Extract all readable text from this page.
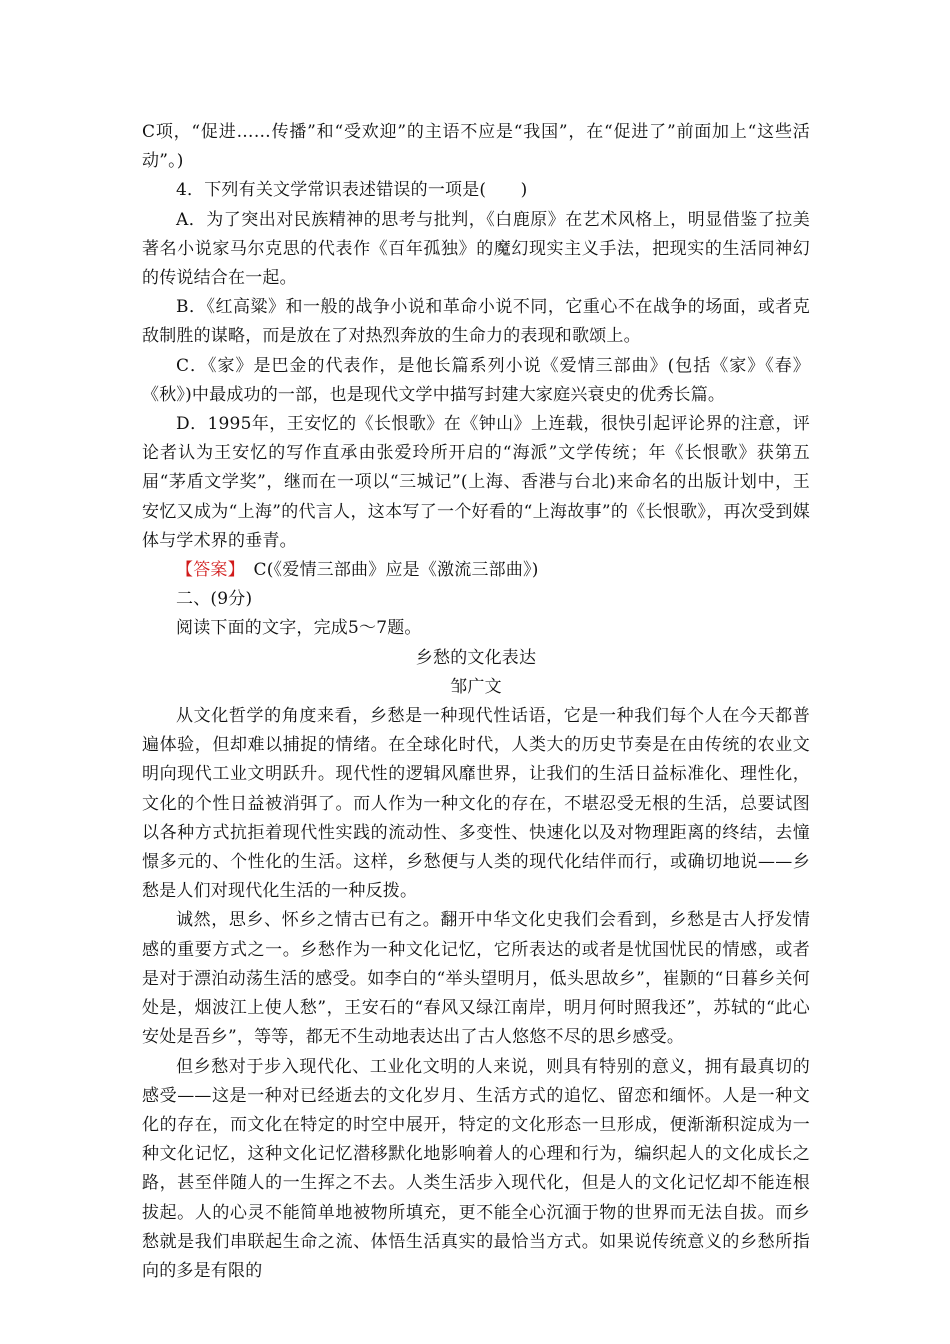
C项，“促进……传播”和“受欢迎”的主语不应是“我国”，在“促进了”前面加上“这些活动”。)

4．下列有关文学常识表述错误的一项是(　　)

A．为了突出对民族精神的思考与批判，《白鹿原》在艺术风格上，明显借鉴了拉美著名小说家马尔克思的代表作《百年孤独》的魔幻现实主义手法，把现实的生活同神幻的传说结合在一起。

B．《红高粱》和一般的战争小说和革命小说不同，它重心不在战争的场面，或者克敌制胜的谋略，而是放在了对热烈奔放的生命力的表现和歌颂上。

C．《家》是巴金的代表作，是他长篇系列小说《爱情三部曲》(包括《家》《春》《秋》)中最成功的一部，也是现代文学中描写封建大家庭兴衰史的优秀长篇。

D．1995年，王安忆的《长恨歌》在《钟山》上连载，很快引起评论界的注意，评论者认为王安忆的写作直承由张爱玲所开启的“海派”文学传统；年《长恨歌》获第五届“茅盾文学奖”，继而在一项以“三城记”(上海、香港与台北)来命名的出版计划中，王安忆又成为“上海”的代言人，这本写了一个好看的“上海故事”的《长恨歌》，再次受到媒体与学术界的垂青。

【答案】　C(《爱情三部曲》应是《激流三部曲》)

二、(9分)

阅读下面的文字，完成5～7题。

乡愁的文化表达

邹广文

从文化哲学的角度来看，乡愁是一种现代性话语，它是一种我们每个人在今天都普遍体验，但却难以捕捉的情绪。在全球化时代，人类大的历史节奏是在由传统的农业文明向现代工业文明跃升。现代性的逻辑风靡世界，让我们的生活日益标准化、理性化，文化的个性日益被消弭了。而人作为一种文化的存在，不堪忍受无根的生活，总要试图以各种方式抗拒着现代性实践的流动性、多变性、快速化以及对物理距离的终结，去憧憬多元的、个性化的生活。这样，乡愁便与人类的现代化结伴而行，或确切地说——乡愁是人们对现代化生活的一种反拨。

诚然，思乡、怀乡之情古已有之。翻开中华文化史我们会看到，乡愁是古人抒发情感的重要方式之一。乡愁作为一种文化记忆，它所表达的或者是忧国忧民的情感，或者是对于漂泊动荡生活的感受。如李白的“举头望明月，低头思故乡”，崔颢的“日暮乡关何处是，烟波江上使人愁”，王安石的“春风又绿江南岸，明月何时照我还”，苏轼的“此心安处是吾乡”，等等，都无不生动地表达出了古人悠悠不尽的思乡感受。

但乡愁对于步入现代化、工业化文明的人来说，则具有特别的意义，拥有最真切的感受——这是一种对已经逝去的文化岁月、生活方式的追忆、留恋和缅怀。人是一种文化的存在，而文化在特定的时空中展开，特定的文化形态一旦形成，便渐渐积淀成为一种文化记忆，这种文化记忆潜移默化地影响着人的心理和行为，编织起人的文化成长之路，甚至伴随人的一生挥之不去。人类生活步入现代化，但是人的文化记忆却不能连根拔起。人的心灵不能简单地被物所填充，更不能全心沉湎于物的世界而无法自拔。而乡愁就是我们串联起生命之流、体悟生活真实的最恰当方式。如果说传统意义的乡愁所指向的多是有限的
